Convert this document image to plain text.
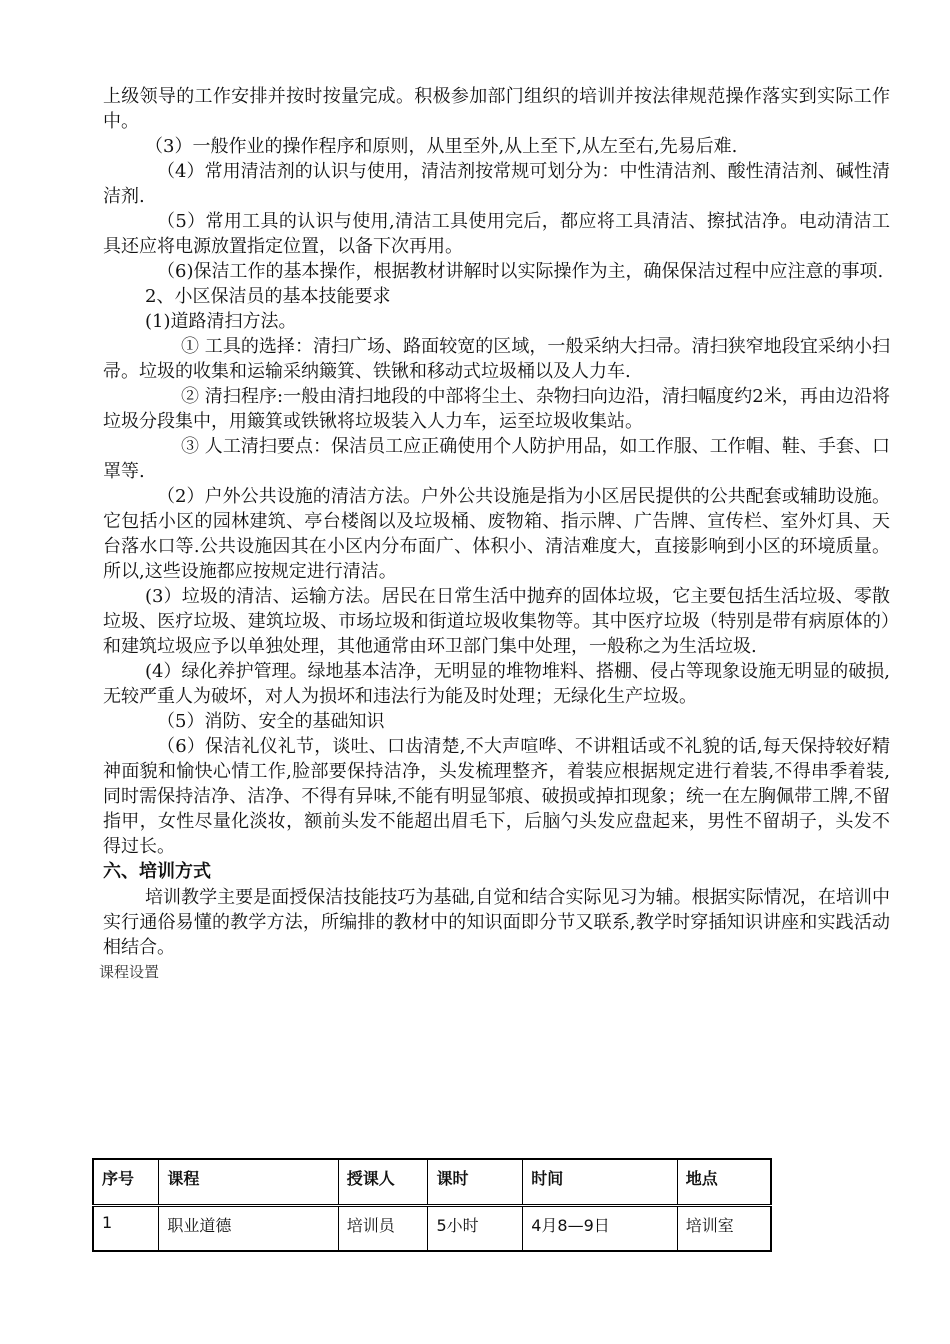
上级领导的工作安排并按时按量完成。积极参加部门组织的培训并按法律规范操作落实到实际工作中。

（3）一般作业的操作程序和原则，从里至外,从上至下,从左至右,先易后难.

（4）常用清洁剂的认识与使用，清洁剂按常规可划分为：中性清洁剂、酸性清洁剂、碱性清洁剂.

（5）常用工具的认识与使用,清洁工具使用完后，都应将工具清洁、擦拭洁净。电动清洁工具还应将电源放置指定位置，以备下次再用。

（6)保洁工作的基本操作，根据教材讲解时以实际操作为主，确保保洁过程中应注意的事项.

2、小区保洁员的基本技能要求

(1)道路清扫方法。

① 工具的选择：清扫广场、路面较宽的区域，一般采纳大扫帚。清扫狭窄地段宜采纳小扫帚。垃圾的收集和运输采纳簸箕、铁锹和移动式垃圾桶以及人力车.

② 清扫程序:一般由清扫地段的中部将尘土、杂物扫向边沿，清扫幅度约2米，再由边沿将垃圾分段集中，用簸箕或铁锹将垃圾装入人力车，运至垃圾收集站。

③ 人工清扫要点：保洁员工应正确使用个人防护用品，如工作服、工作帽、鞋、手套、口罩等.

（2）户外公共设施的清洁方法。户外公共设施是指为小区居民提供的公共配套或辅助设施。它包括小区的园林建筑、亭台楼阁以及垃圾桶、废物箱、指示牌、广告牌、宣传栏、室外灯具、天台落水口等.公共设施因其在小区内分布面广、体积小、清洁难度大，直接影响到小区的环境质量。所以,这些设施都应按规定进行清洁。

(3）垃圾的清洁、运输方法。居民在日常生活中抛弃的固体垃圾，它主要包括生活垃圾、零散垃圾、医疗垃圾、建筑垃圾、市场垃圾和街道垃圾收集物等。其中医疗垃圾（特别是带有病原体的）和建筑垃圾应予以单独处理，其他通常由环卫部门集中处理，一般称之为生活垃圾.

(4）绿化养护管理。绿地基本洁净，无明显的堆物堆料、搭棚、侵占等现象设施无明显的破损,无较严重人为破坏，对人为损坏和违法行为能及时处理；无绿化生产垃圾。

（5）消防、安全的基础知识

（6）保洁礼仪礼节，谈吐、口齿清楚,不大声喧哗、不讲粗话或不礼貌的话,每天保持较好精神面貌和愉快心情工作,脸部要保持洁净，头发梳理整齐，着装应根据规定进行着装,不得串季着装,同时需保持洁净、洁净、不得有异味,不能有明显邹痕、破损或掉扣现象；统一在左胸佩带工牌,不留指甲，女性尽量化淡妆，额前头发不能超出眉毛下，后脑勺头发应盘起来，男性不留胡子，头发不得过长。

六、培训方式

培训教学主要是面授保洁技能技巧为基础,自觉和结合实际见习为辅。根据实际情况，在培训中实行通俗易懂的教学方法，所编排的教材中的知识面即分节又联系,教学时穿插知识讲座和实践活动相结合。

课程设置

序号	课程	授课人	课时	时间	地点
1	职业道德	培训员	5小时	4月8—9日	培训室
